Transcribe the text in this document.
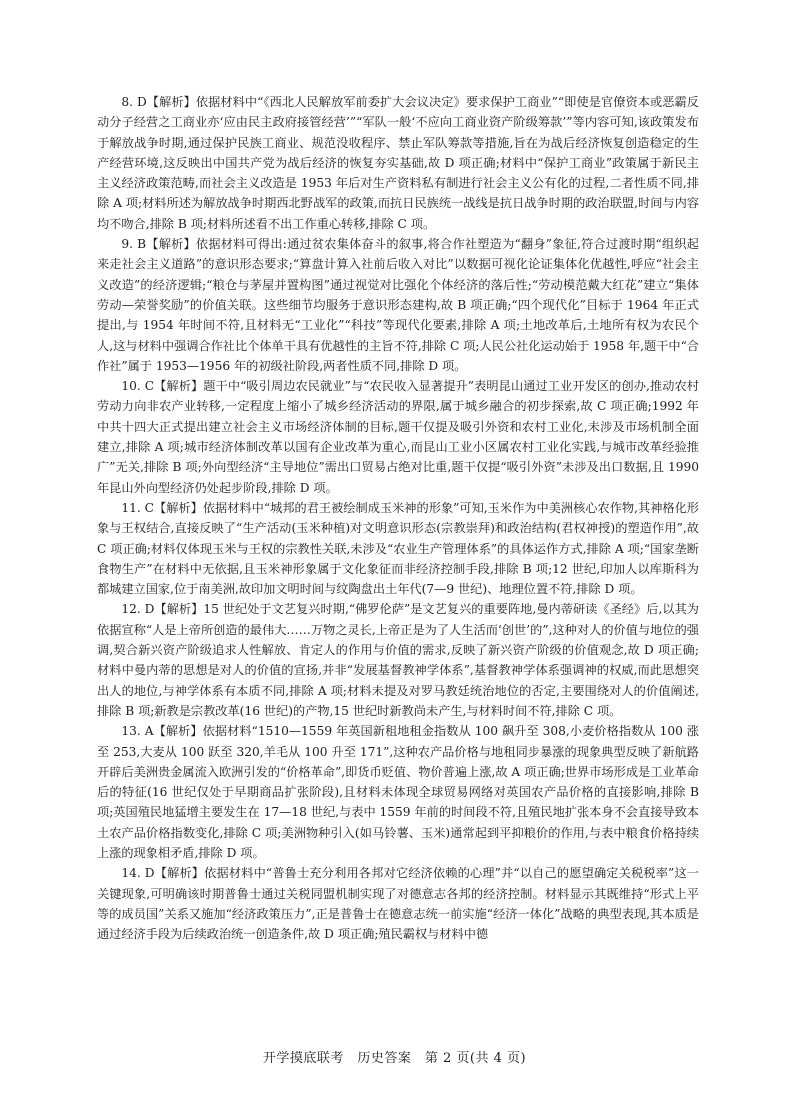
8. D【解析】依据材料中“《西北人民解放军前委扩大会议决定》要求保护工商业”“即使是官僚资本或恶霸反动分子经营之工商业亦‘应由民主政府接管经营’”“军队一般‘不应向工商业资产阶级筹款’”等内容可知,该政策发布于解放战争时期,通过保护民族工商业、规范没收程序、禁止军队筹款等措施,旨在为战后经济恢复创造稳定的生产经营环境,这反映出中国共产党为战后经济的恢复夯实基础,故 D 项正确;材料中“保护工商业”政策属于新民主主义经济政策范畴,而社会主义改造是 1953 年后对生产资料私有制进行社会主义公有化的过程,二者性质不同,排除 A 项;材料所述为解放战争时期西北野战军的政策,而抗日民族统一战线是抗日战争时期的政治联盟,时间与内容均不吻合,排除 B 项;材料所述看不出工作重心转移,排除 C 项。

9. B【解析】依据材料可得出:通过贫农集体奋斗的叙事,将合作社塑造为“翻身”象征,符合过渡时期“组织起来走社会主义道路”的意识形态要求;“算盘计算入社前后收入对比”以数据可视化论证集体化优越性,呼应“社会主义改造”的经济逻辑;“粮仓与茅屋并置构图”通过视觉对比强化个体经济的落后性;“劳动模范戴大红花”建立“集体劳动—荣誉奖励”的价值关联。这些细节均服务于意识形态建构,故 B 项正确;“四个现代化”目标于 1964 年正式提出,与 1954 年时间不符,且材料无“工业化”“科技”等现代化要素,排除 A 项;土地改革后,土地所有权为农民个人,这与材料中强调合作社比个体单干具有优越性的主旨不符,排除 C 项;人民公社化运动始于 1958 年,题干中“合作社”属于 1953—1956 年的初级社阶段,两者性质不同,排除 D 项。

10. C【解析】题干中“吸引周边农民就业”与“农民收入显著提升”表明昆山通过工业开发区的创办,推动农村劳动力向非农产业转移,一定程度上缩小了城乡经济活动的界限,属于城乡融合的初步探索,故 C 项正确;1992 年中共十四大正式提出建立社会主义市场经济体制的目标,题干仅提及吸引外资和农村工业化,未涉及市场机制全面建立,排除 A 项;城市经济体制改革以国有企业改革为重心,而昆山工业小区属农村工业化实践,与城市改革经验推广”无关,排除 B 项;外向型经济“主导地位”需出口贸易占绝对比重,题干仅提“吸引外资”未涉及出口数据,且 1990 年昆山外向型经济仍处起步阶段,排除 D 项。

11. C【解析】依据材料中“城邦的君王被绘制成玉米神的形象”可知,玉米作为中美洲核心农作物,其神格化形象与王权结合,直接反映了“生产活动(玉米种植)对文明意识形态(宗教崇拜)和政治结构(君权神授)的塑造作用”,故 C 项正确;材料仅体现玉米与王权的宗教性关联,未涉及“农业生产管理体系”的具体运作方式,排除 A 项;“国家垄断食物生产”在材料中无依据,且玉米神形象属于文化象征而非经济控制手段,排除 B 项;12 世纪,印加人以库斯科为都城建立国家,位于南美洲,故印加文明时间与纹陶盘出土年代(7—9 世纪)、地理位置不符,排除 D 项。

12. D【解析】15 世纪处于文艺复兴时期,“佛罗伦萨”是文艺复兴的重要阵地,曼内蒂研读《圣经》后,以其为依据宣称“人是上帝所创造的最伟大……万物之灵长,上帝正是为了人生活而‘创世’的”,这种对人的价值与地位的强调,契合新兴资产阶级追求人性解放、肯定人的作用与价值的需求,反映了新兴资产阶级的价值观念,故 D 项正确;材料中曼内蒂的思想是对人的价值的宣扬,并非“发展基督教神学体系”,基督教神学体系强调神的权威,而此思想突出人的地位,与神学体系有本质不同,排除 A 项;材料未提及对罗马教廷统治地位的否定,主要围绕对人的价值阐述,排除 B 项;新教是宗教改革(16 世纪)的产物,15 世纪时新教尚未产生,与材料时间不符,排除 C 项。

13. A【解析】依据材料“1510—1559 年英国新租地租金指数从 100 飙升至 308,小麦价格指数从 100 涨至 253,大麦从 100 跃至 320,羊毛从 100 升至 171”,这种农产品价格与地租同步暴涨的现象典型反映了新航路开辟后美洲贵金属流入欧洲引发的“价格革命”,即货币贬值、物价普遍上涨,故 A 项正确;世界市场形成是工业革命后的特征(16 世纪仅处于早期商品扩张阶段),且材料未体现全球贸易网络对英国农产品价格的直接影响,排除 B 项;英国殖民地猛增主要发生在 17—18 世纪,与表中 1559 年前的时间段不符,且殖民地扩张本身不会直接导致本土农产品价格指数变化,排除 C 项;美洲物种引入(如马铃薯、玉米)通常起到平抑粮价的作用,与表中粮食价格持续上涨的现象相矛盾,排除 D 项。

14. D【解析】依据材料中“普鲁士充分利用各邦对它经济依赖的心理”并“以自己的愿望确定关税税率”这一关键现象,可明确该时期普鲁士通过关税同盟机制实现了对德意志各邦的经济控制。材料显示其既维持“形式上平等的成员国”关系又施加“经济政策压力”,正是普鲁士在德意志统一前实施“经济一体化”战略的典型表现,其本质是通过经济手段为后续政治统一创造条件,故 D 项正确;殖民霸权与材料中德

开学摸底联考　历史答案　第 2 页(共 4 页)
